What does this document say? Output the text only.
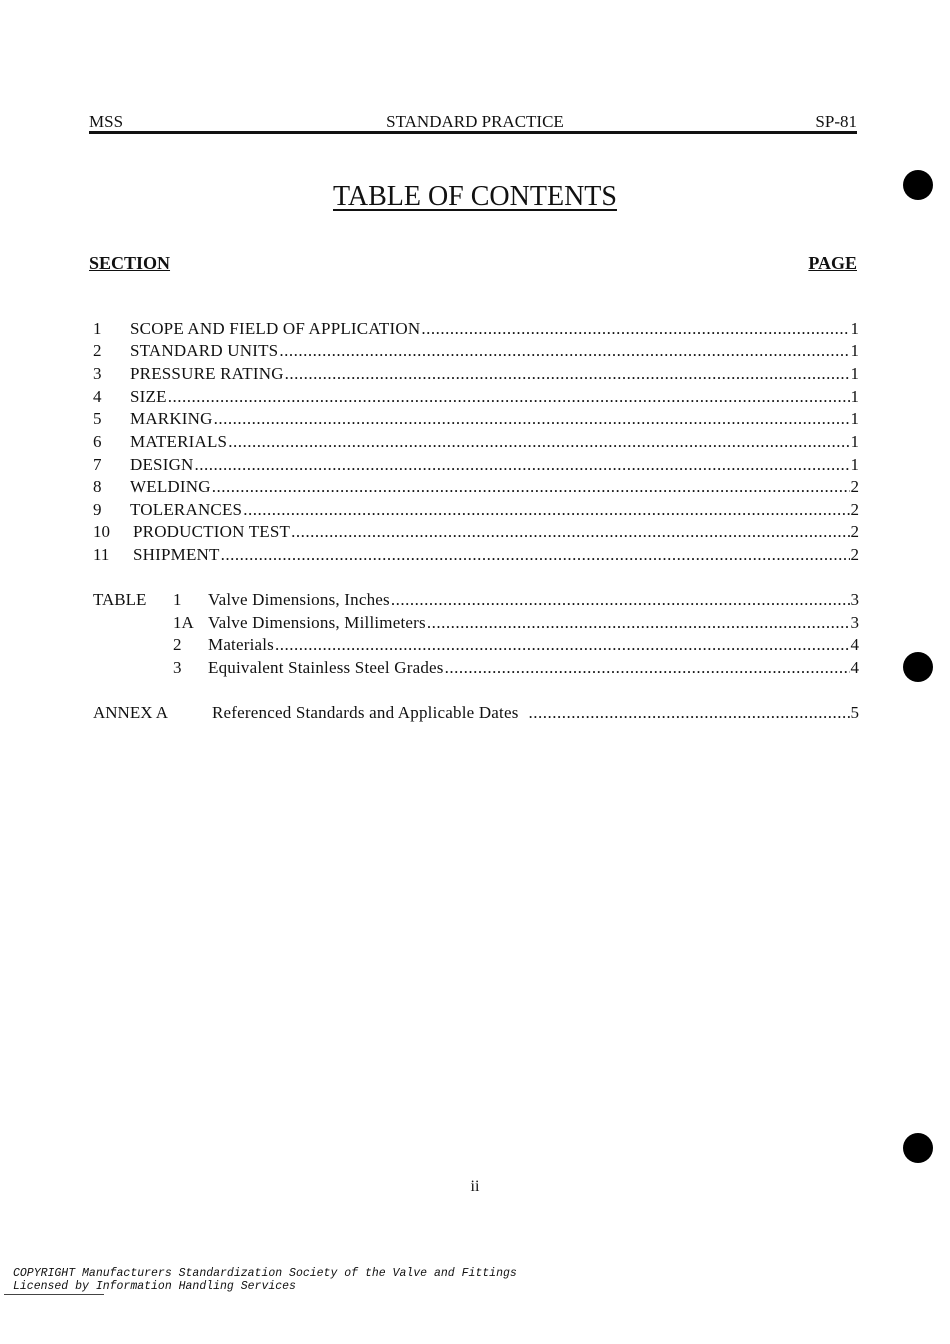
MSS	STANDARD PRACTICE	SP-81
TABLE OF CONTENTS
SECTION	PAGE
1	SCOPE AND FIELD OF APPLICATION .....	1
2	STANDARD UNITS .....	1
3	PRESSURE RATING .....	1
4	SIZE .....	1
5	MARKING .....	1
6	MATERIALS .....	1
7	DESIGN .....	1
8	WELDING .....	2
9	TOLERANCES .....	2
10	PRODUCTION TEST .....	2
11	SHIPMENT .....	2
TABLE	1	Valve Dimensions, Inches .....	3
1A Valve Dimensions, Millimeters .....	3
2	Materials .....	4
3	Equivalent Stainless Steel Grades .....	4
ANNEX A	Referenced Standards and Applicable Dates .....	5
ii
COPYRIGHT Manufacturers Standardization Society of the Valve and Fittings
Licensed by Information Handling Services
